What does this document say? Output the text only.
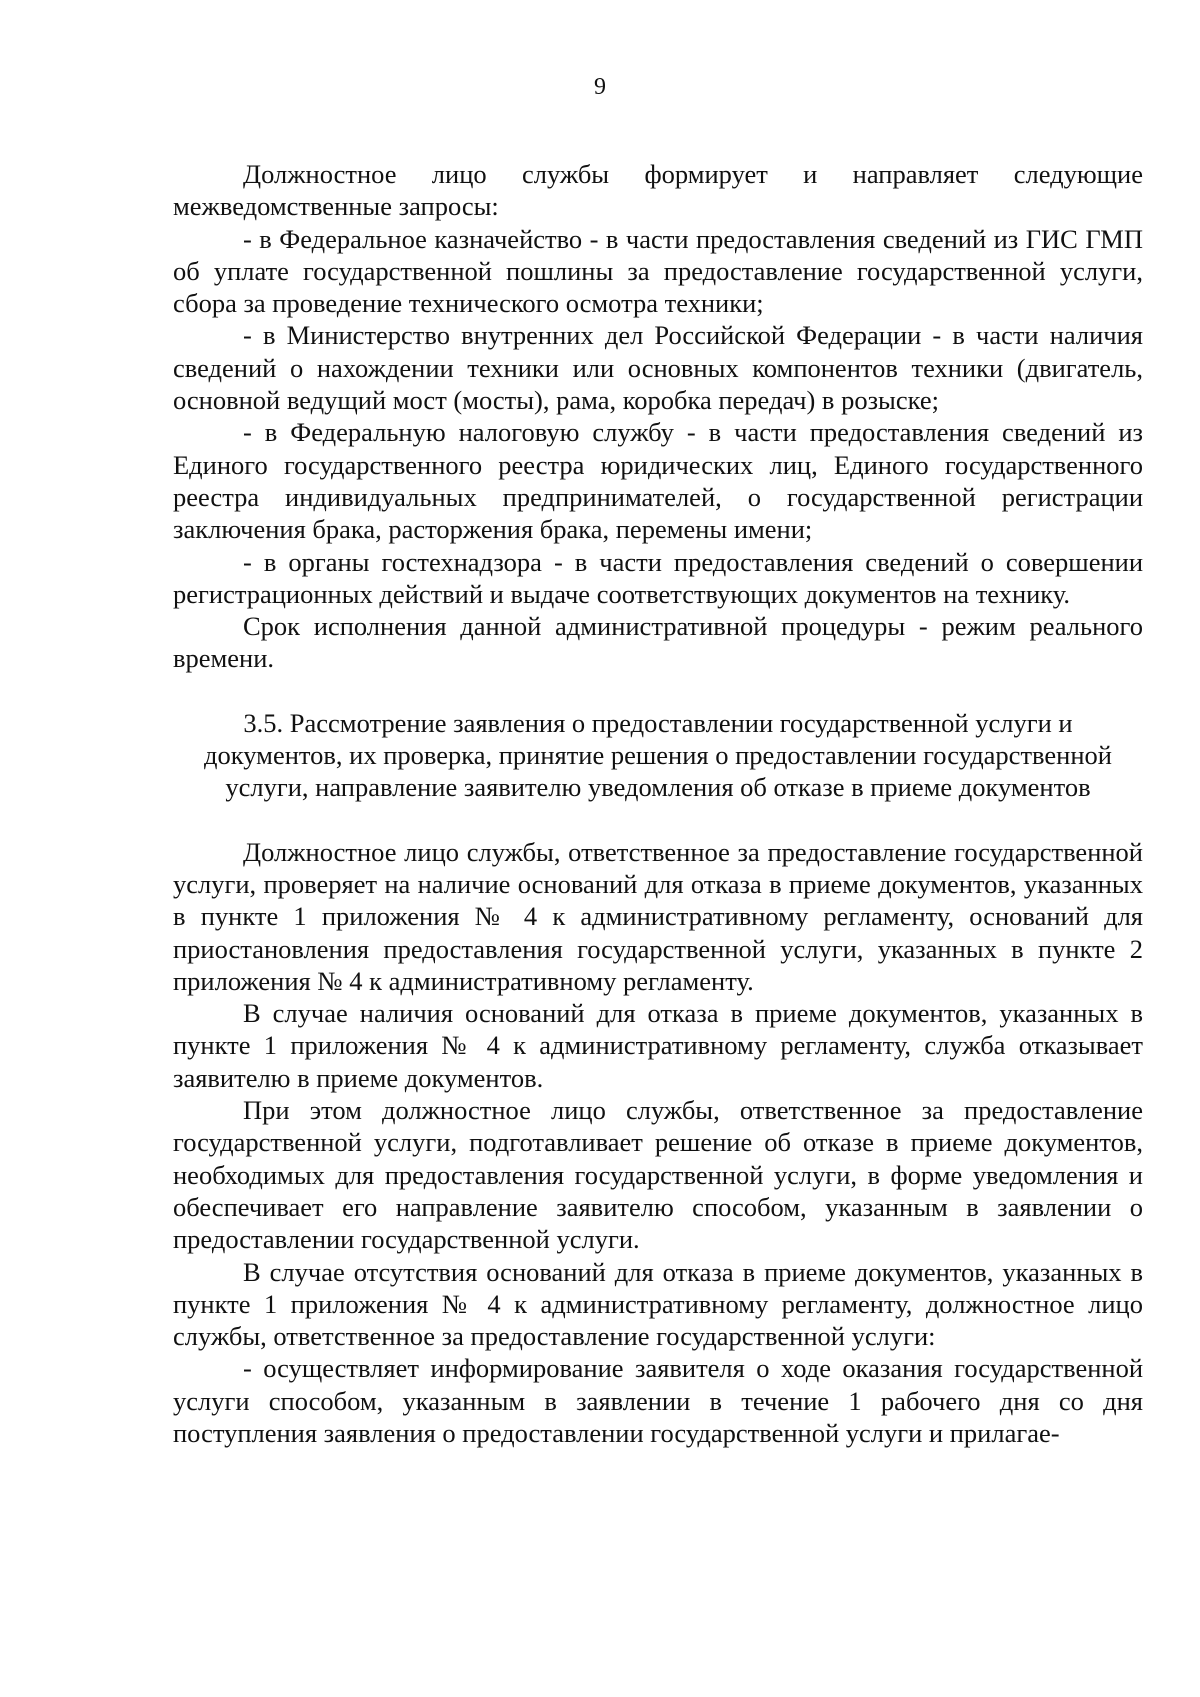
9

Должностное лицо службы формирует и направляет следующие межведомственные запросы:

- в Федеральное казначейство - в части предоставления сведений из ГИС ГМП об уплате государственной пошлины за предоставление государственной услуги, сбора за проведение технического осмотра техники;

- в Министерство внутренних дел Российской Федерации - в части наличия сведений о нахождении техники или основных компонентов техники (двигатель, основной ведущий мост (мосты), рама, коробка передач) в розыске;

- в Федеральную налоговую службу - в части предоставления сведений из Единого государственного реестра юридических лиц, Единого государственного реестра индивидуальных предпринимателей, о государственной регистрации заключения брака, расторжения брака, перемены имени;

- в органы гостехнадзора - в части предоставления сведений о совершении регистрационных действий и выдаче соответствующих документов на технику.

Срок исполнения данной административной процедуры - режим реального времени.

3.5. Рассмотрение заявления о предоставлении государственной услуги и
документов, их проверка, принятие решения о предоставлении государственной
услуги, направление заявителю уведомления об отказе в приеме документов

Должностное лицо службы, ответственное за предоставление государственной услуги, проверяет на наличие оснований для отказа в приеме документов, указанных в пункте 1 приложения № 4 к административному регламенту, оснований для приостановления предоставления государственной услуги, указанных в пункте 2 приложения № 4 к административному регламенту.

В случае наличия оснований для отказа в приеме документов, указанных в пункте 1 приложения № 4 к административному регламенту, служба отказывает заявителю в приеме документов.

При этом должностное лицо службы, ответственное за предоставление государственной услуги, подготавливает решение об отказе в приеме документов, необходимых для предоставления государственной услуги, в форме уведомления и обеспечивает его направление заявителю способом, указанным в заявлении о предоставлении государственной услуги.

В случае отсутствия оснований для отказа в приеме документов, указанных в пункте 1 приложения № 4 к административному регламенту, должностное лицо службы, ответственное за предоставление государственной услуги:

- осуществляет информирование заявителя о ходе оказания государственной услуги способом, указанным в заявлении в течение 1 рабочего дня со дня поступления заявления о предоставлении государственной услуги и прилагае-
